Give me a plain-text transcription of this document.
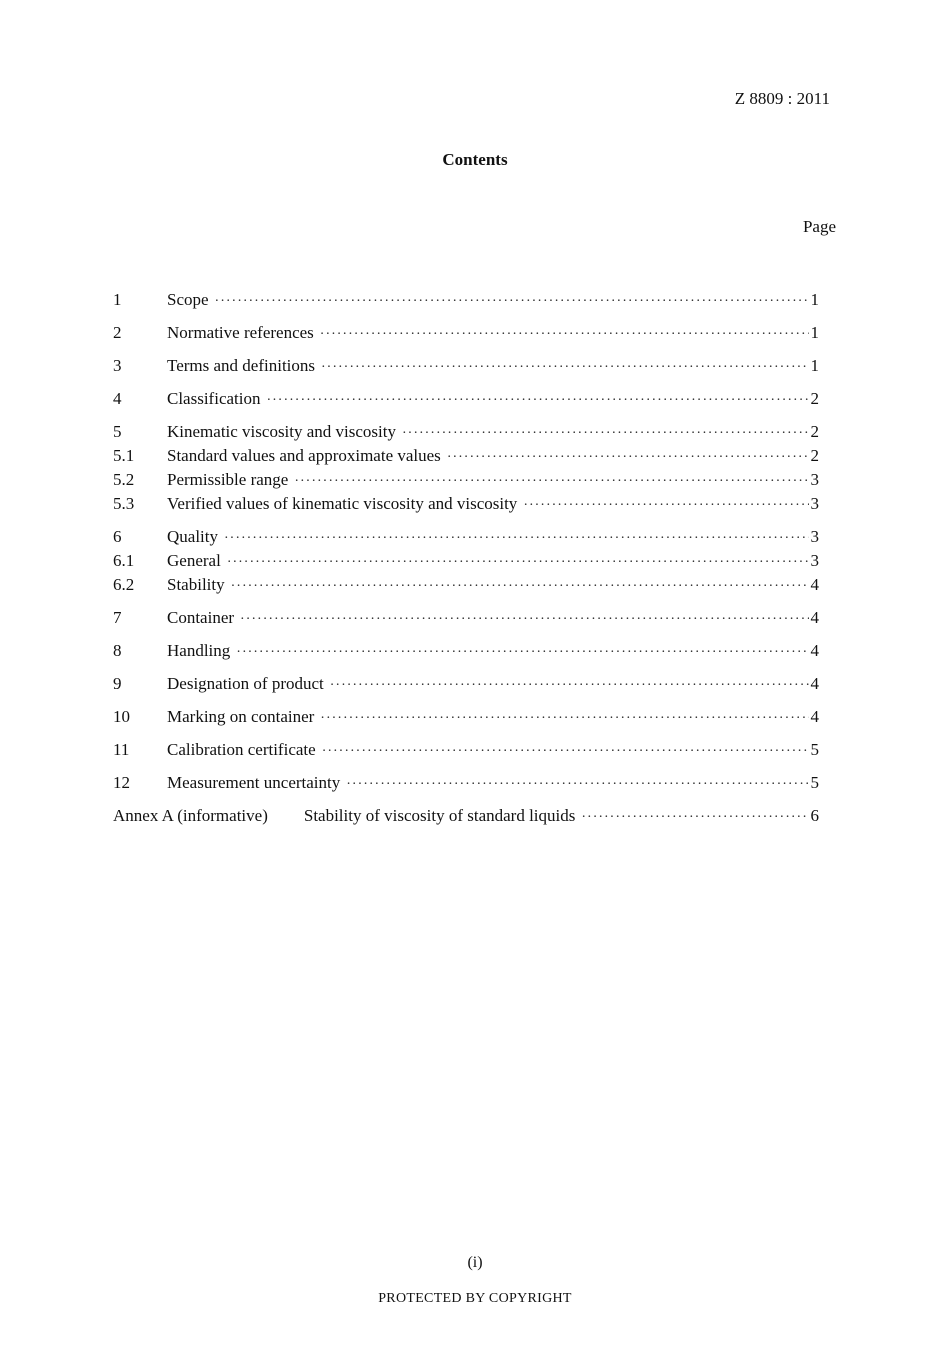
Z 8809 : 2011
Contents
Page
1	Scope ·····	1
2	Normative references ·····	1
3	Terms and definitions ·····	1
4	Classification ·····	2
5	Kinematic viscosity and viscosity ·····	2
5.1	Standard values and approximate values ·····	2
5.2	Permissible range ·····	3
5.3	Verified values of kinematic viscosity and viscosity ·····	3
6	Quality ·····	3
6.1	General ·····	3
6.2	Stability ·····	4
7	Container ·····	4
8	Handling ·····	4
9	Designation of product ·····	4
10	Marking on container ·····	4
11	Calibration certificate ·····	5
12	Measurement uncertainty ·····	5
Annex A (informative) Stability of viscosity of standard liquids ·····	6
(i)
PROTECTED BY COPYRIGHT
